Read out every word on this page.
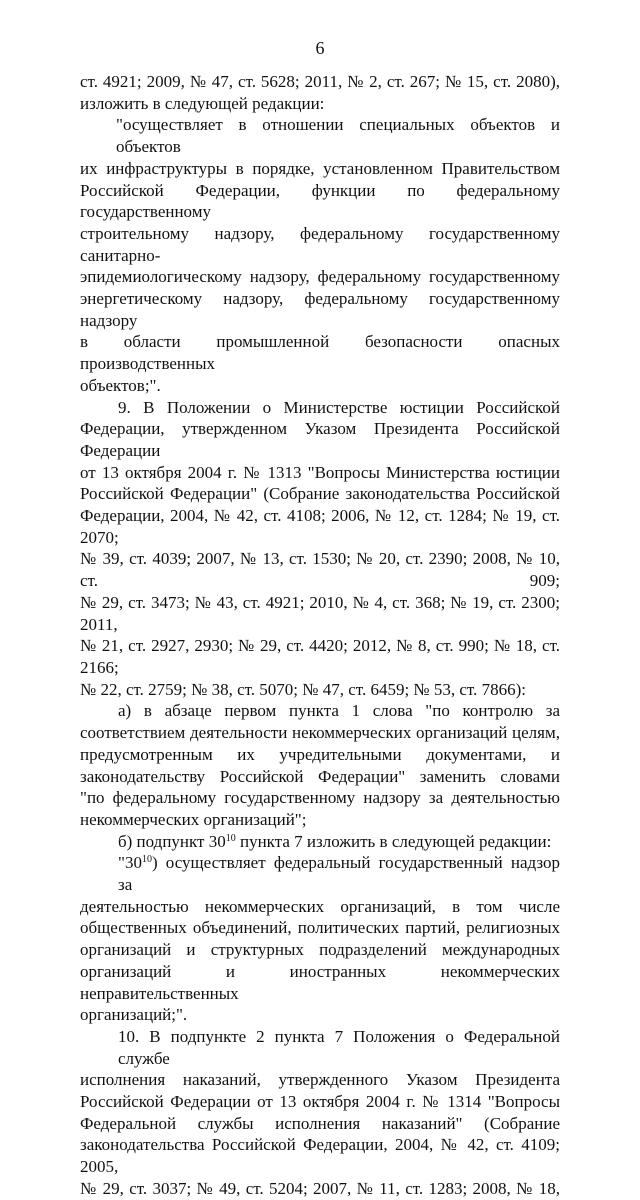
6
ст. 4921; 2009, № 47, ст. 5628; 2011, № 2, ст. 267; № 15, ст. 2080),
изложить в следующей редакции:
"осуществляет в отношении специальных объектов и объектов
их инфраструктуры в порядке, установленном Правительством
Российской Федерации, функции по федеральному государственному
строительному надзору, федеральному государственному санитарно-
эпидемиологическому надзору, федеральному государственному
энергетическому надзору, федеральному государственному надзору
в области промышленной безопасности опасных производственных
объектов;".
9. В Положении о Министерстве юстиции Российской
Федерации, утвержденном Указом Президента Российской Федерации
от 13 октября 2004 г. № 1313 "Вопросы Министерства юстиции
Российской Федерации" (Собрание законодательства Российской
Федерации, 2004, № 42, ст. 4108; 2006, № 12, ст. 1284; № 19, ст. 2070;
№ 39, ст. 4039; 2007, № 13, ст. 1530; № 20, ст. 2390; 2008, № 10, ст. 909;
№ 29, ст. 3473; № 43, ст. 4921; 2010, № 4, ст. 368; № 19, ст. 2300; 2011,
№ 21, ст. 2927, 2930; № 29, ст. 4420; 2012, № 8, ст. 990; № 18, ст. 2166;
№ 22, ст. 2759; № 38, ст. 5070; № 47, ст. 6459; № 53, ст. 7866):
а) в абзаце первом пункта 1 слова "по контролю за
соответствием деятельности некоммерческих организаций целям,
предусмотренным их учредительными документами, и
законодательству Российской Федерации" заменить словами
"по федеральному государственному надзору за деятельностью
некоммерческих организаций";
б) подпункт $30^{10}$ пункта 7 изложить в следующей редакции:
"$30^{10}$) осуществляет федеральный государственный надзор за
деятельностью некоммерческих организаций, в том числе
общественных объединений, политических партий, религиозных
организаций и структурных подразделений международных
организаций и иностранных некоммерческих неправительственных
организаций;".
10. В подпункте 2 пункта 7 Положения о Федеральной службе
исполнения наказаний, утвержденного Указом Президента
Российской Федерации от 13 октября 2004 г. № 1314 "Вопросы
Федеральной службы исполнения наказаний" (Собрание
законодательства Российской Федерации, 2004, № 42, ст. 4109; 2005,
№ 29, ст. 3037; № 49, ст. 5204; 2007, № 11, ст. 1283; 2008, № 18,
